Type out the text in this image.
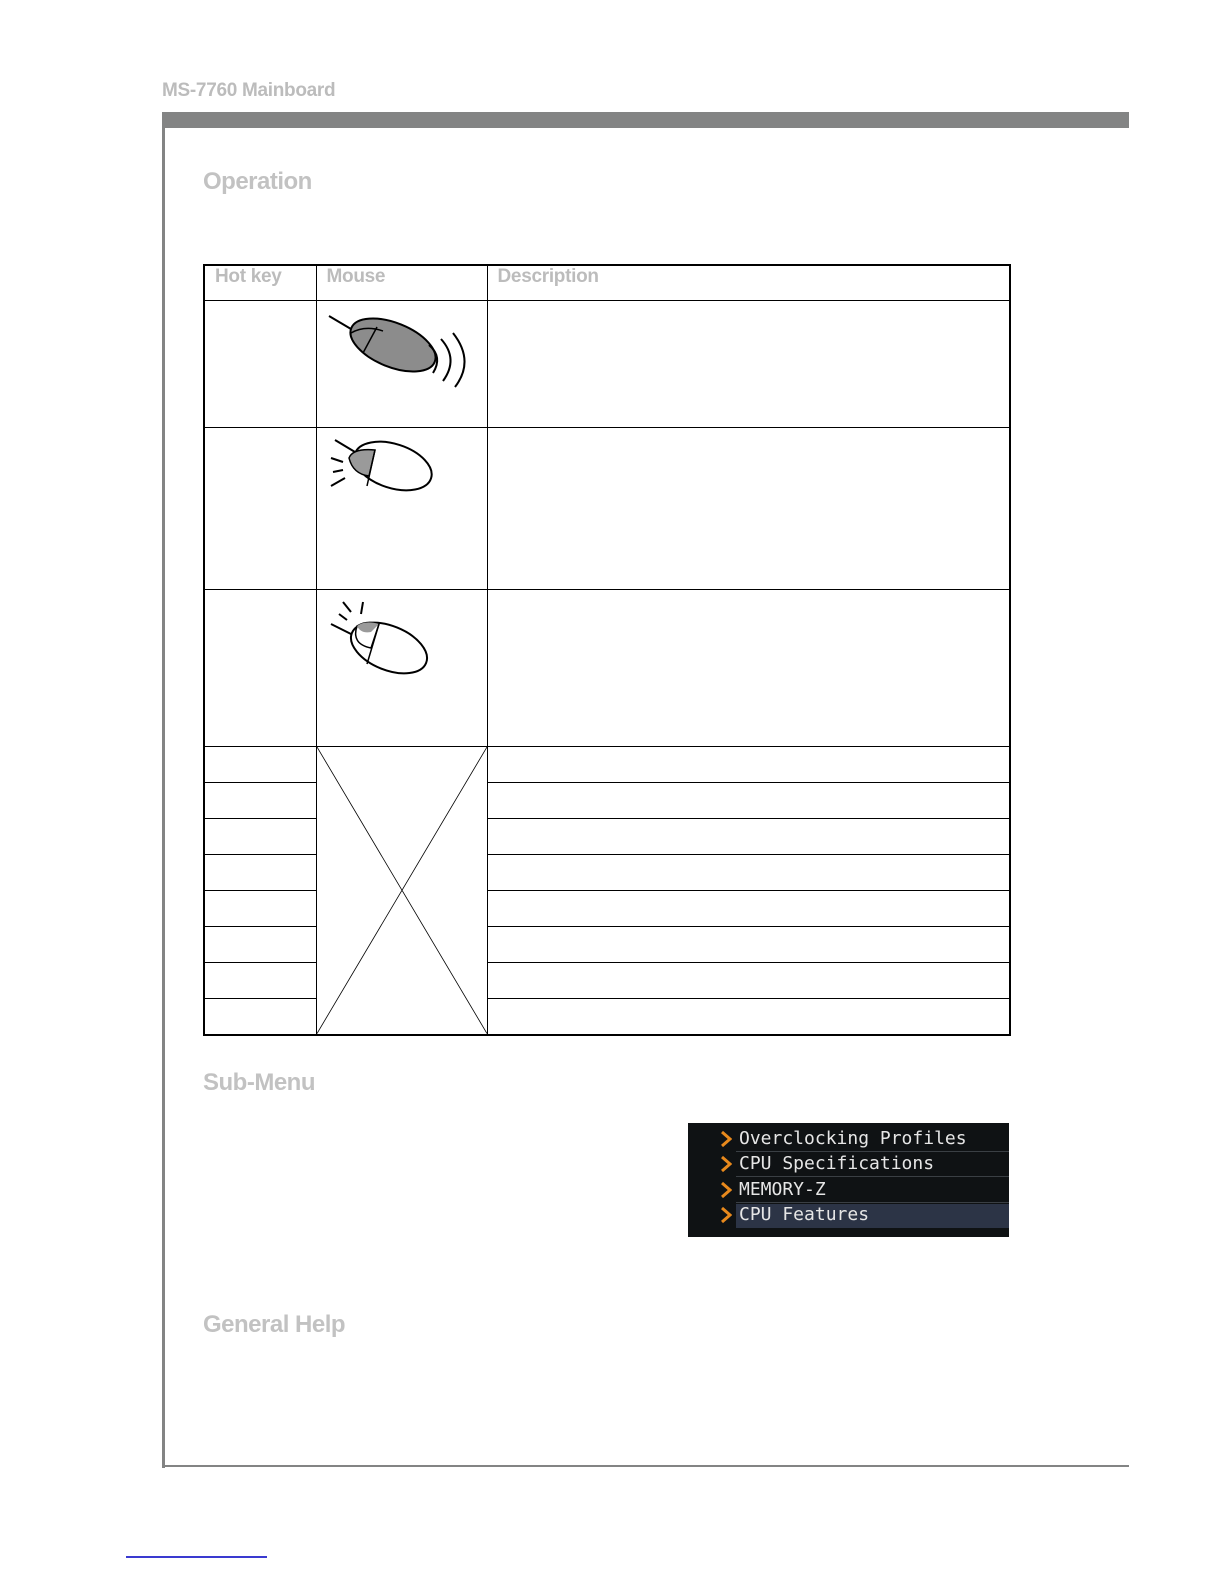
MS-7760 Mainboard
Operation
Hot key	Mouse	Description

Sub-Menu
Overclocking Profiles
CPU Specifications
MEMORY-Z
CPU Features
General Help
